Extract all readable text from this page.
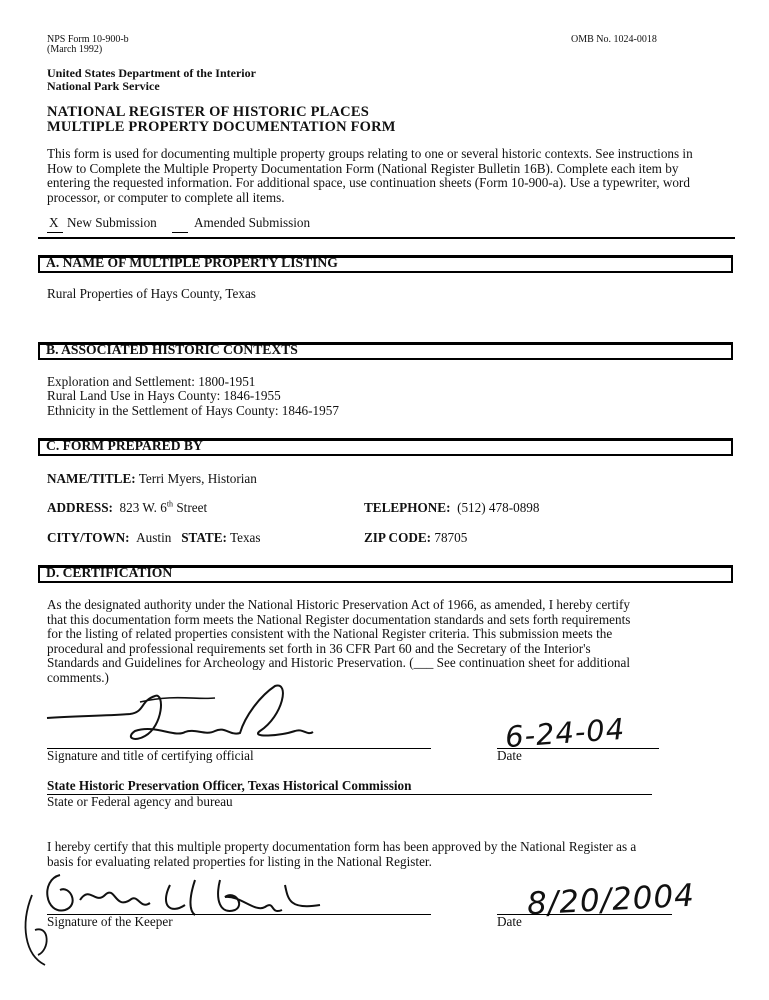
NPS Form 10-900-b
(March 1992)
OMB No. 1024-0018
United States Department of the Interior
National Park Service
NATIONAL REGISTER OF HISTORIC PLACES
MULTIPLE PROPERTY DOCUMENTATION FORM
This form is used for documenting multiple property groups relating to one or several historic contexts. See instructions in
How to Complete the Multiple Property Documentation Form (National Register Bulletin 16B). Complete each item by
entering the requested information. For additional space, use continuation sheets (Form 10-900-a). Use a typewriter, word
processor, or computer to complete all items.
X New Submission	Amended Submission
A. NAME OF MULTIPLE PROPERTY LISTING
Rural Properties of Hays County, Texas
B. ASSOCIATED HISTORIC CONTEXTS
Exploration and Settlement: 1800-1951
Rural Land Use in Hays County: 1846-1955
Ethnicity in the Settlement of Hays County: 1846-1957
C. FORM PREPARED BY
NAME/TITLE: Terri Myers, Historian
ADDRESS: 823 W. 6th Street	TELEPHONE: (512) 478-0898
CITY/TOWN: Austin STATE: Texas	ZIP CODE: 78705
D. CERTIFICATION
As the designated authority under the National Historic Preservation Act of 1966, as amended, I hereby certify
that this documentation form meets the National Register documentation standards and sets forth requirements
for the listing of related properties consistent with the National Register criteria. This submission meets the
procedural and professional requirements set forth in 36 CFR Part 60 and the Secretary of the Interior's
Standards and Guidelines for Archeology and Historic Preservation. (___ See continuation sheet for additional
comments.)
Signature and title of certifying official
6-24-04
Date
State Historic Preservation Officer, Texas Historical Commission
State or Federal agency and bureau
I hereby certify that this multiple property documentation form has been approved by the National Register as a
basis for evaluating related properties for listing in the National Register.
Signature of the Keeper	8/20/2004
Date
